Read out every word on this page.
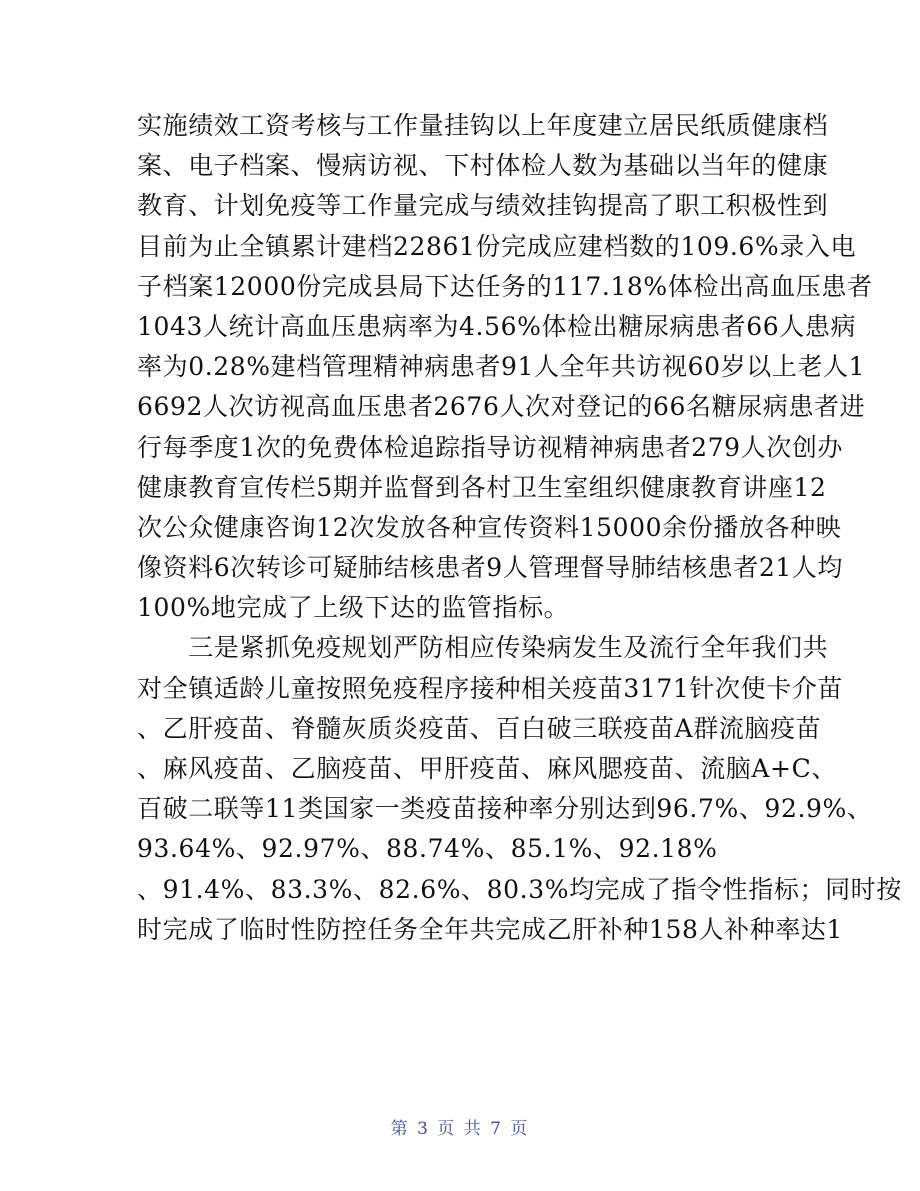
实施绩效工资考核与工作量挂钩以上年度建立居民纸质健康档
案、电子档案、慢病访视、下村体检人数为基础以当年的健康
教育、计划免疫等工作量完成与绩效挂钩提高了职工积极性到
目前为止全镇累计建档22861份完成应建档数的109.6%录入电
子档案12000份完成县局下达任务的117.18%体检出高血压患者
1043人统计高血压患病率为4.56%体检出糖尿病患者66人患病
率为0.28%建档管理精神病患者91人全年共访视60岁以上老人1
6692人次访视高血压患者2676人次对登记的66名糖尿病患者进
行每季度1次的免费体检追踪指导访视精神病患者279人次创办
健康教育宣传栏5期并监督到各村卫生室组织健康教育讲座12
次公众健康咨询12次发放各种宣传资料15000余份播放各种映
像资料6次转诊可疑肺结核患者9人管理督导肺结核患者21人均
100%地完成了上级下达的监管指标。
　　三是紧抓免疫规划严防相应传染病发生及流行全年我们共
对全镇适龄儿童按照免疫程序接种相关疫苗3171针次使卡介苗
、乙肝疫苗、脊髓灰质炎疫苗、百白破三联疫苗A群流脑疫苗
、麻风疫苗、乙脑疫苗、甲肝疫苗、麻风腮疫苗、流脑A+C、
百破二联等11类国家一类疫苗接种率分别达到96.7%、92.9%、
93.64%、92.97%、88.74%、85.1%、92.18%
、91.4%、83.3%、82.6%、80.3%均完成了指令性指标；同时按
时完成了临时性防控任务全年共完成乙肝补种158人补种率达1
第 3 页 共 7 页
